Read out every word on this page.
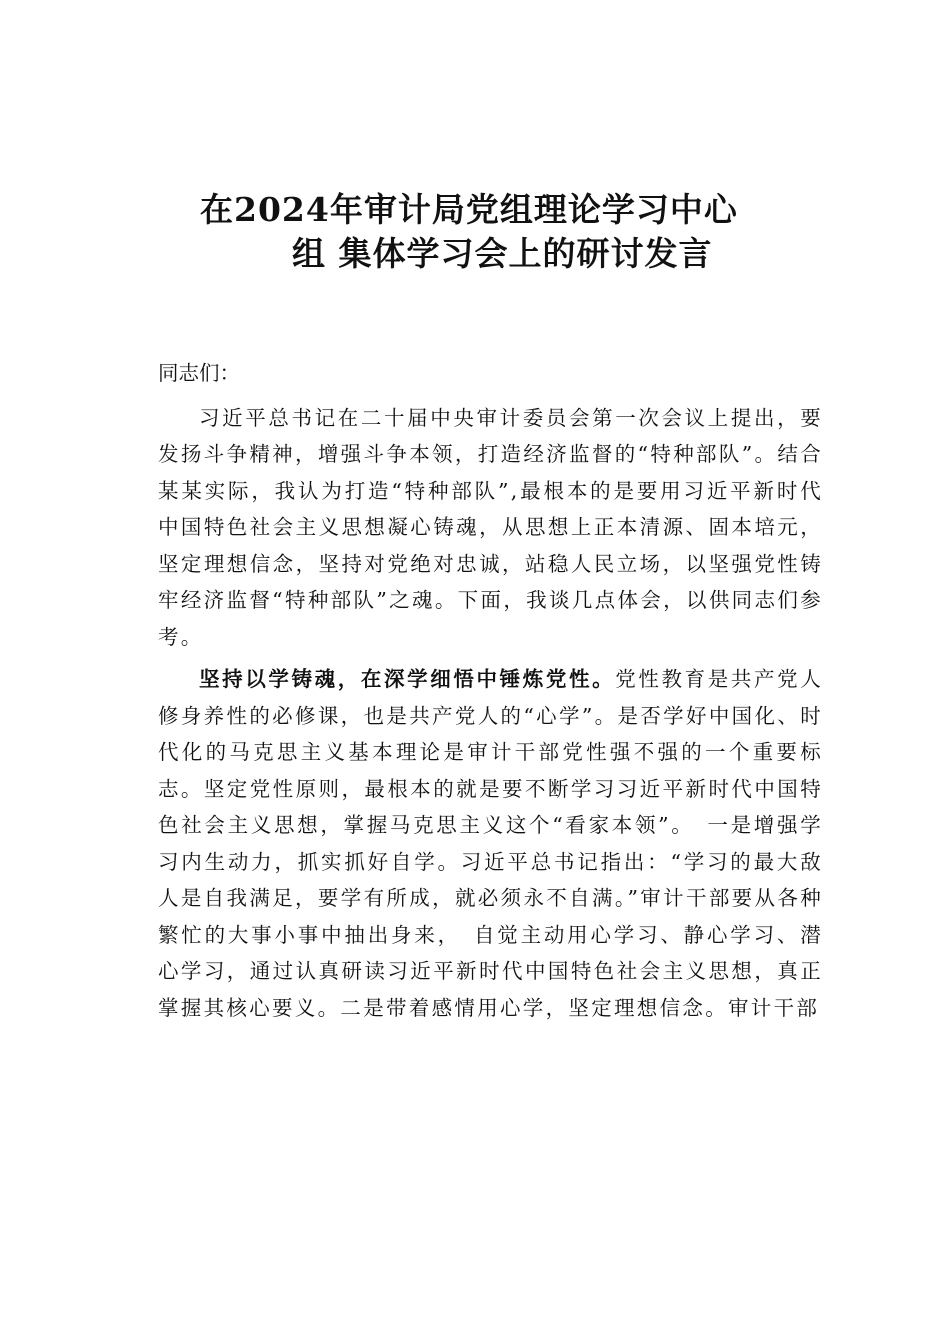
在2024年审计局党组理论学习中心
组 集体学习会上的研讨发言

同志们：

习近平总书记在二十届中央审计委员会第一次会议上提出，要发扬斗争精神，增强斗争本领，打造经济监督的“特种部队”。结合某某实际，我认为打造“特种部队”,最根本的是要用习近平新时代中国特色社会主义思想凝心铸魂，从思想上正本清源、固本培元，坚定理想信念，坚持对党绝对忠诚，站稳人民立场，以坚强党性铸牢经济监督“特种部队”之魂。下面，我谈几点体会，以供同志们参考。

坚持以学铸魂，在深学细悟中锤炼党性。党性教育是共产党人修身养性的必修课，也是共产党人的“心学”。是否学好中国化、时代化的马克思主义基本理论是审计干部党性强不强的一个重要标志。坚定党性原则，最根本的就是要不断学习习近平新时代中国特色社会主义思想，掌握马克思主义这个“看家本领”。　一是增强学习内生动力，抓实抓好自学。习近平总书记指出：“学习的最大敌人是自我满足，要学有所成，就必须永不自满。”审计干部要从各种繁忙的大事小事中抽出身来，　自觉主动用心学习、静心学习、潜心学习，通过认真研读习近平新时代中国特色社会主义思想，真正掌握其核心要义。二是带着感情用心学，坚定理想信念。审计干部
